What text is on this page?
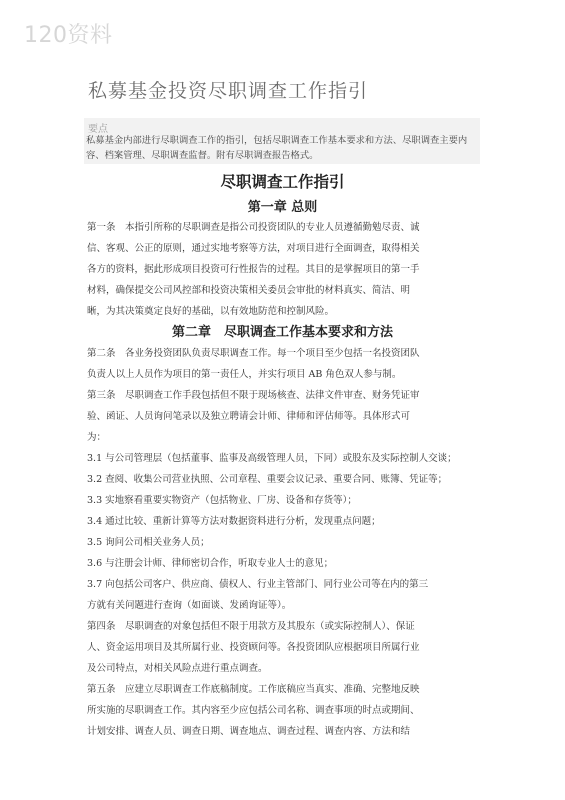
120资料
私募基金投资尽职调查工作指引
要点
私募基金内部进行尽职调查工作的指引，包括尽职调查工作基本要求和方法、尽职调查主要内容、档案管理、尽职调查监督。附有尽职调查报告格式。
尽职调查工作指引
第一章 总则
第一条　本指引所称的尽职调查是指公司投资团队的专业人员遵循勤勉尽责、诚
信、客观、公正的原则，通过实地考察等方法，对项目进行全面调查，取得相关
各方的资料，据此形成项目投资可行性报告的过程。其目的是掌握项目的第一手
材料，确保提交公司风控部和投资决策相关委员会审批的材料真实、简洁、明
晰，为其决策奠定良好的基础，以有效地防范和控制风险。
第二章　尽职调查工作基本要求和方法
第二条　各业务投资团队负责尽职调查工作。每一个项目至少包括一名投资团队
负责人以上人员作为项目的第一责任人，并实行项目 AB 角色双人参与制。
第三条　尽职调查工作手段包括但不限于现场核查、法律文件审查、财务凭证审
验、函证、人员询问笔录以及独立聘请会计师、律师和评估师等。具体形式可
为：
3.1 与公司管理层（包括董事、监事及高级管理人员，下同）或股东及实际控制人交谈；
3.2 查阅、收集公司营业执照、公司章程、重要会议记录、重要合同、账簿、凭证等；
3.3 实地察看重要实物资产（包括物业、厂房、设备和存货等）；
3.4 通过比较、重新计算等方法对数据资料进行分析，发现重点问题；
3.5 询问公司相关业务人员；
3.6 与注册会计师、律师密切合作，听取专业人士的意见；
3.7 向包括公司客户、供应商、债权人、行业主管部门、同行业公司等在内的第三
方就有关问题进行查询（如面谈、发函询证等）。
第四条　尽职调查的对象包括但不限于用款方及其股东（或实际控制人）、保证
人、资金运用项目及其所属行业、投资顾问等。各投资团队应根据项目所属行业
及公司特点，对相关风险点进行重点调查。
第五条　应建立尽职调查工作底稿制度。工作底稿应当真实、准确、完整地反映
所实施的尽职调查工作。其内容至少应包括公司名称、调查事项的时点或期间、
计划安排、调查人员、调查日期、调查地点、调查过程、调查内容、方法和结
